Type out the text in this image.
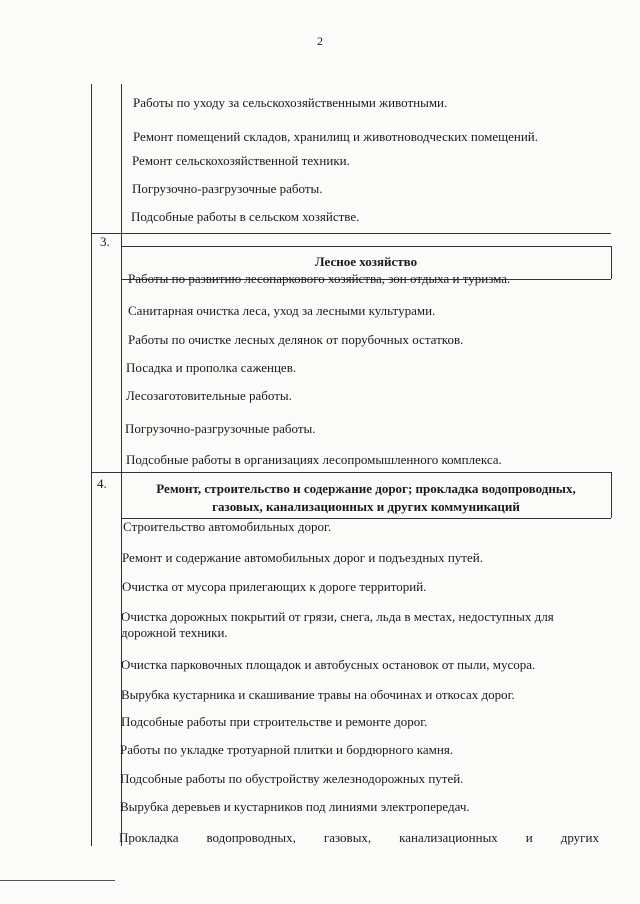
2
Работы по уходу за сельскохозяйственными животными.
Ремонт помещений складов, хранилищ и животноводческих помещений.
Ремонт сельскохозяйственной техники.
Погрузочно-разгрузочные работы.
Подсобные работы в сельском хозяйстве.
3.
Лесное хозяйство
Работы по развитию лесопаркового хозяйства, зон отдыха и туризма.
Санитарная очистка леса, уход за лесными культурами.
Работы по очистке лесных делянок от порубочных остатков.
Посадка и прополка саженцев.
Лесозаготовительные работы.
Погрузочно-разгрузочные работы.
Подсобные работы в организациях лесопромышленного комплекса.
4.	Ремонт, строительство и содержание дорог; прокладка водопроводных,
газовых, канализационных и других коммуникаций
Строительство автомобильных дорог.
Ремонт и содержание автомобильных дорог и подъездных путей.
Очистка от мусора прилегающих к дороге территорий.
Очистка дорожных покрытий от грязи, снега, льда в местах, недоступных для
дорожной техники.
Очистка парковочных площадок и автобусных остановок от пыли, мусора.
Вырубка кустарника и скашивание травы на обочинах и откосах дорог.
Подсобные работы при строительстве и ремонте дорог.
Работы по укладке тротуарной плитки и бордюрного камня.
Подсобные работы по обустройству железнодорожных путей.
Вырубка деревьев и кустарников под линиями электропередач.
Прокладка водопроводных, газовых, канализационных и других
